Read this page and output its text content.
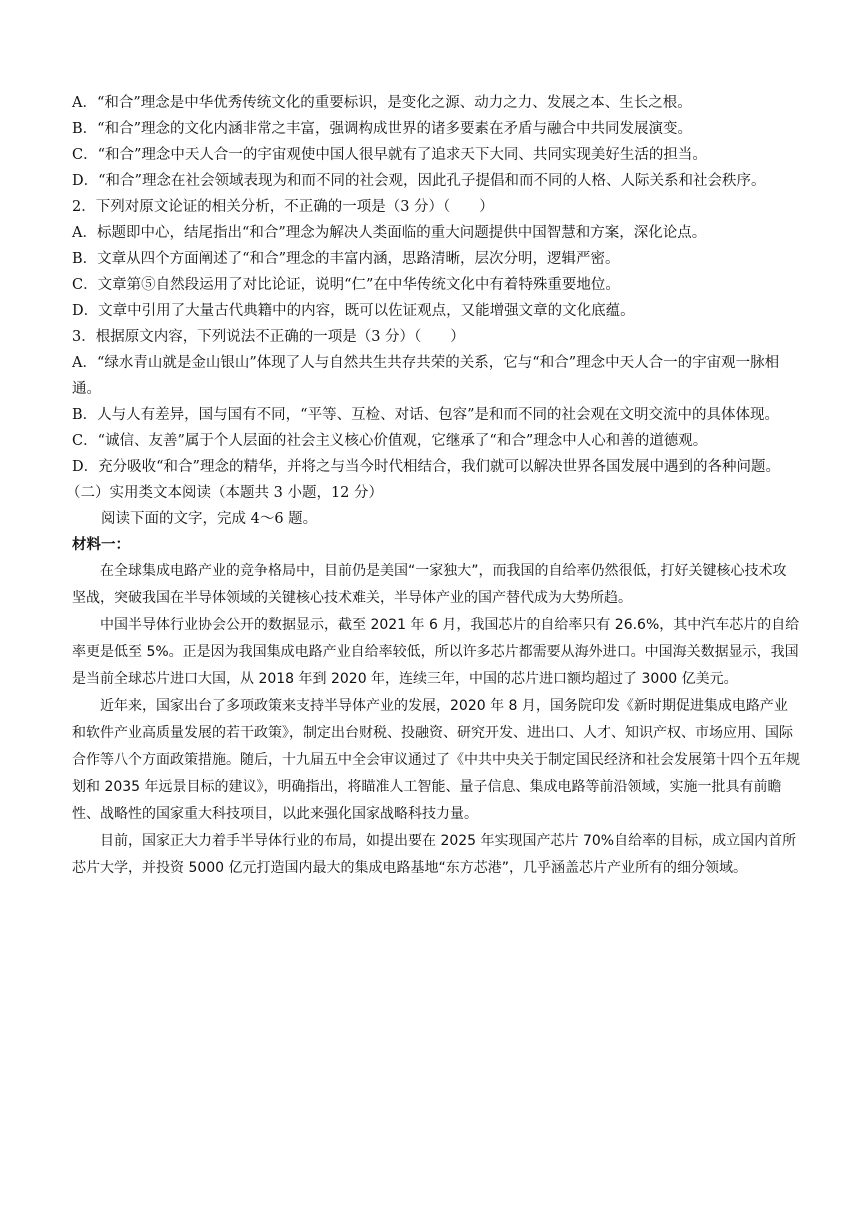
A．“和合”理念是中华优秀传统文化的重要标识，是变化之源、动力之力、发展之本、生长之根。

B．“和合”理念的文化内涵非常之丰富，强调构成世界的诸多要素在矛盾与融合中共同发展演变。

C．“和合”理念中天人合一的宇宙观使中国人很早就有了追求天下大同、共同实现美好生活的担当。

D．“和合”理念在社会领域表现为和而不同的社会观，因此孔子提倡和而不同的人格、人际关系和社会秩序。

2．下列对原文论证的相关分析，不正确的一项是（3 分）（　　）

A．标题即中心，结尾指出“和合”理念为解决人类面临的重大问题提供中国智慧和方案，深化论点。

B．文章从四个方面阐述了“和合”理念的丰富内涵，思路清晰，层次分明，逻辑严密。

C．文章第⑤自然段运用了对比论证，说明“仁”在中华传统文化中有着特殊重要地位。

D．文章中引用了大量古代典籍中的内容，既可以佐证观点，又能增强文章的文化底蕴。

3．根据原文内容，下列说法不正确的一项是（3 分）（　　）

A．“绿水青山就是金山银山”体现了人与自然共生共存共荣的关系，它与“和合”理念中天人合一的宇宙观一脉相通。

B．人与人有差异，国与国有不同，“平等、互检、对话、包容”是和而不同的社会观在文明交流中的具体体现。

C．“诚信、友善”属于个人层面的社会主义核心价值观，它继承了“和合”理念中人心和善的道德观。

D．充分吸收“和合”理念的精华，并将之与当今时代相结合，我们就可以解决世界各国发展中遇到的各种问题。

（二）实用类文本阅读（本题共 3 小题，12 分）

阅读下面的文字，完成 4～6 题。

材料一：

在全球集成电路产业的竞争格局中，目前仍是美国“一家独大”，而我国的自给率仍然很低，打好关键核心技术攻坚战，突破我国在半导体领域的关键核心技术难关，半导体产业的国产替代成为大势所趋。

中国半导体行业协会公开的数据显示，截至 2021 年 6 月，我国芯片的自给率只有 26.6%，其中汽车芯片的自给率更是低至 5%。正是因为我国集成电路产业自给率较低，所以许多芯片都需要从海外进口。中国海关数据显示，我国是当前全球芯片进口大国，从 2018 年到 2020 年，连续三年，中国的芯片进口额均超过了 3000 亿美元。

近年来，国家出台了多项政策来支持半导体产业的发展，2020 年 8 月，国务院印发《新时期促进集成电路产业和软件产业高质量发展的若干政策》，制定出台财税、投融资、研究开发、进出口、人才、知识产权、市场应用、国际合作等八个方面政策措施。随后，十九届五中全会审议通过了《中共中央关于制定国民经济和社会发展第十四个五年规划和 2035 年远景目标的建议》，明确指出，将瞄准人工智能、量子信息、集成电路等前沿领域，实施一批具有前瞻性、战略性的国家重大科技项目，以此来强化国家战略科技力量。

目前，国家正大力着手半导体行业的布局，如提出要在 2025 年实现国产芯片 70%自给率的目标，成立国内首所芯片大学，并投资 5000 亿元打造国内最大的集成电路基地“东方芯港”，几乎涵盖芯片产业所有的细分领域。
